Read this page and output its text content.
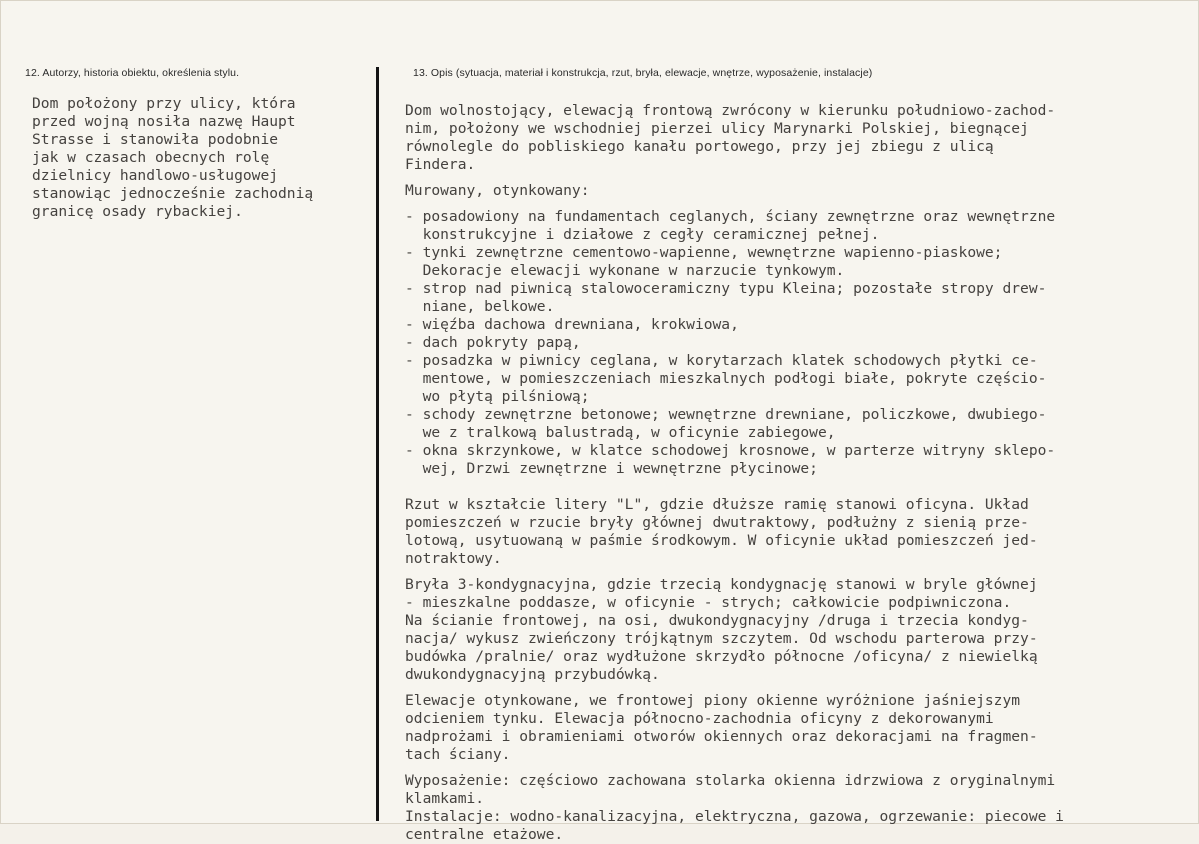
12. Autorzy, historia obiektu, określenia stylu.	13. Opis (sytuacja, materiał i konstrukcja, rzut, bryła, elewacje, wnętrze, wyposażenie, instalacje)
Dom położony przy ulicy, która
przed wojną nosiła nazwę Haupt
Strasse i stanowiła podobnie
jak w czasach obecnych rolę
dzielnicy handlowo-usługowej
stanowiąc jednocześnie zachodnią
granicę osady rybackiej.
Dom wolnostojący, elewacją frontową zwrócony w kierunku południowo-zachod-
nim, położony we wschodniej pierzei ulicy Marynarki Polskiej, biegnącej
równolegle do pobliskiego kanału portowego, przy jej zbiegu z ulicą
Findera.
Murowany, otynkowany:
- posadowiony na fundamentach ceglanych, ściany zewnętrzne oraz wewnętrzne
konstrukcyjne i działowe z cegły ceramicznej pełnej.
- tynki zewnętrzne cementowo-wapienne, wewnętrzne wapienno-piaskowe;
Dekoracje elewacji wykonane w narzucie tynkowym.
- strop nad piwnicą stalowoceramiczny typu Kleina; pozostałe stropy drew-
niane, belkowe.
- więźba dachowa drewniana, krokwiowa,
- dach pokryty papą,
- posadzka w piwnicy ceglana, w korytarzach klatek schodowych płytki ce-
mentowe, w pomieszczeniach mieszkalnych podłogi białe, pokryte częścio-
wo płytą pilśniową;
- schody zewnętrzne betonowe; wewnętrzne drewniane, policzkowe, dwubiego-
we z tralkową balustradą, w oficynie zabiegowe,
- okna skrzynkowe, w klatce schodowej krosnowe, w parterze witryny sklepo-
wej, Drzwi zewnętrzne i wewnętrzne płycinowe;
Rzut w kształcie litery "L", gdzie dłuższe ramię stanowi oficyna. Układ
pomieszczeń w rzucie bryły głównej dwutraktowy, podłużny z sienią prze-
lotową, usytuowaną w paśmie środkowym. W oficynie układ pomieszczeń jed-
notraktowy.
Bryła 3-kondygnacyjna, gdzie trzecią kondygnację stanowi w bryle głównej
- mieszkalne poddasze, w oficynie - strych; całkowicie podpiwniczona.
Na ścianie frontowej, na osi, dwukondygnacyjny /druga i trzecia kondyg-
nacja/ wykusz zwieńczony trójkątnym szczytem. Od wschodu parterowa przy-
budówka /pralnie/ oraz wydłużone skrzydło północne /oficyna/ z niewielką
dwukondygnacyjną przybudówką.
Elewacje otynkowane, we frontowej piony okienne wyróżnione jaśniejszym
odcieniem tynku. Elewacja północno-zachodnia oficyny z dekorowanymi
nadprożami i obramieniami otworów okiennych oraz dekoracjami na fragmen-
tach ściany.
Wyposażenie: częściowo zachowana stolarka okienna idrzwiowa z oryginalnymi
klamkami.
Instalacje: wodno-kanalizacyjna, elektryczna, gazowa, ogrzewanie: piecowe i
centralne etażowe.
